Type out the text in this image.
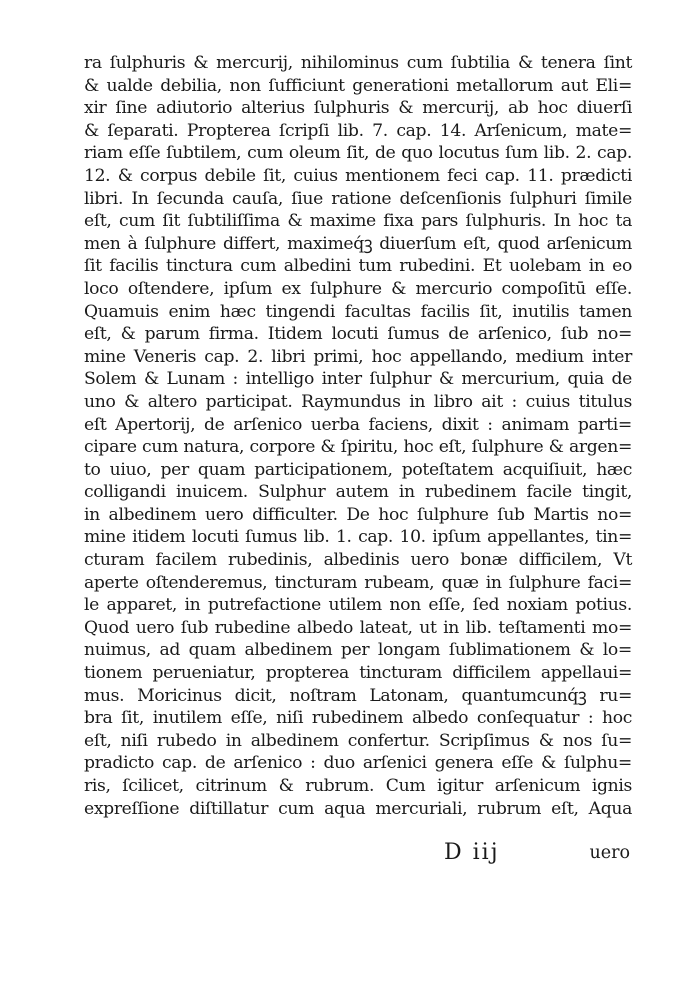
ra ſulphuris & mercurij, nihilominus cum ſubtilia & tenera ſint
& ualde debilia, non ſufficiunt generationi metallorum aut Eli=
xir ſine adiutorio alterius ſulphuris & mercurij, ab hoc diuerſi
& ſeparati. Propterea ſcripſi lib. 7. cap. 14. Arſenicum, mate=
riam eſſe ſubtilem, cum oleum ſit, de quo locutus ſum lib. 2. cap.
12. & corpus debile ſit, cuius mentionem feci cap. 11. prædicti
libri. In ſecunda cauſa, ſiue ratione deſcenſionis ſulphuri ſimile
eſt, cum ſit ſubtiliſſima & maxime fixa pars ſulphuris. In hoc ta
men à ſulphure differt, maximeq́ꝫ diuerſum eſt, quod arſenicum
ſit facilis tinctura cum albedini tum rubedini. Et uolebam in eo
loco oſtendere, ipſum ex ſulphure & mercurio compoſitū eſſe.
Quamuis enim hæc tingendi facultas facilis ſit, inutilis tamen
eſt, & parum firma. Itidem locuti ſumus de arſenico, ſub no=
mine Veneris cap. 2. libri primi, hoc appellando, medium inter
Solem & Lunam : intelligo inter ſulphur & mercurium, quia de
uno & altero participat. Raymundus in libro ait : cuius titulus
eſt Apertorij, de arſenico uerba faciens, dixit : animam parti=
cipare cum natura, corpore & ſpiritu, hoc eſt, ſulphure & argen=
to uiuo, per quam participationem, poteſtatem acquiſiuit, hæc
colligandi inuicem. Sulphur autem in rubedinem facile tingit,
in albedinem uero difficulter. De hoc ſulphure ſub Martis no=
mine itidem locuti ſumus lib. 1. cap. 10. ipſum appellantes, tin=
cturam facilem rubedinis, albedinis uero bonæ difficilem, Vt
aperte oſtenderemus, tincturam rubeam, quæ in ſulphure faci=
le apparet, in putrefactione utilem non eſſe, ſed noxiam potius.
Quod uero ſub rubedine albedo lateat, ut in lib. teſtamenti mo=
nuimus, ad quam albedinem per longam ſublimationem & lo=
tionem perueniatur, propterea tincturam difficilem appellaui=
mus. Moricinus dicit, noſtram Latonam, quantumcunq́ꝫ ru=
bra ſit, inutilem eſſe, niſi rubedinem albedo conſequatur : hoc
eſt, niſi rubedo in albedinem confertur. Scripſimus & nos ſu=
pradicto cap. de arſenico : duo arſenici genera eſſe & ſulphu=
ris, ſcilicet, citrinum & rubrum. Cum igitur arſenicum ignis
expreſſione diſtillatur cum aqua mercuriali, rubrum eſt, Aqua
D iij	uero
